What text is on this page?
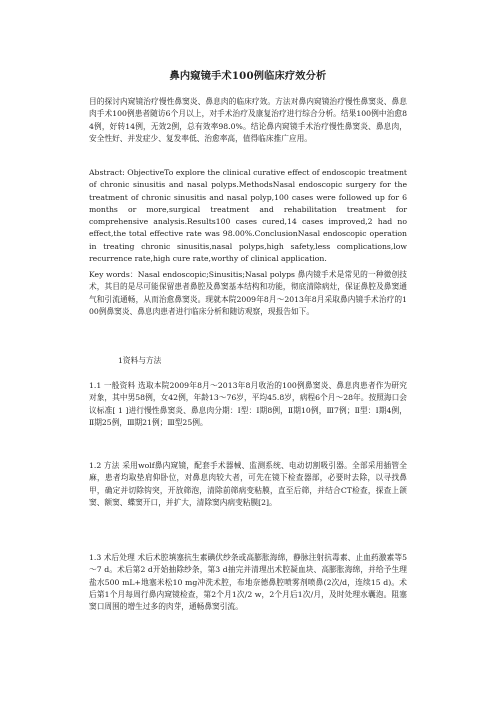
鼻内窥镜手术100例临床疗效分析
目的探讨内窥镜治疗慢性鼻窦炎、鼻息肉的临床疗效。方法对鼻内窥镜治疗慢性鼻窦炎、鼻息肉手术100例患者随访6个月以上，对手术治疗及康复治疗进行综合分析。结果100例中治愈84例，好转14例，无效2例，总有效率98.0%。结论鼻内窥镜手术治疗慢性鼻窦炎、鼻息肉，安全性好、并发症少、复发率低、治愈率高，值得临床推广应用。
Abstract: ObjectiveTo explore the clinical curative effect of endoscopic treatment of chronic sinusitis and nasal polyps.MethodsNasal endoscopic surgery for the treatment of chronic sinusitis and nasal polyp,100 cases were followed up for 6 months or more,surgical treatment and rehabilitation treatment for comprehensive analysis.Results100 cases cured,14 cases improved,2 had no effect,the total effective rate was 98.00%.ConclusionNasal endoscopic operation in treating chronic sinusitis,nasal polyps,high safety,less complications,low recurrence rate,high cure rate,worthy of clinical application.
Key words：Nasal endoscopic;Sinusitis;Nasal polyps 鼻内镜手术是常见的一种微创技术，其目的是尽可能保留患者鼻腔及鼻窦基本结构和功能，彻底清除病灶，保证鼻腔及鼻窦通气和引流通畅，从而治愈鼻窦炎。现就本院2009年8月～2013年8月采取鼻内镜手术治疗的100例鼻窦炎、鼻息肉患者进行临床分析和随访观察，现报告如下。
1资料与方法
1.1 一般资料 选取本院2009年8月～2013年8月收治的100例鼻窦炎、鼻息肉患者作为研究对象，其中男58例，女42例，年龄13～76岁，平均45.8岁，病程6个月～28年。按照海口会议标准[ 1 ]进行慢性鼻窦炎、鼻息肉分期：Ⅰ型：Ⅰ期8例，Ⅱ期10例，Ⅲ7例；Ⅱ型：Ⅰ期4例，Ⅱ期25例，Ⅲ期21例；Ⅲ型25例。
1.2 方法 采用wolf鼻内窥镜，配套手术器械、监测系统、电动切割吸引器。全部采用插管全麻，患者均取垫肩仰卧位，对鼻息肉较大者，可先在镜下检查器部，必要时去除，以寻找鼻甲，确定并切除钩突，开放筛泡，清除前筛病变粘膜，直至后筛，并结合CT检查，探查上颌窦、额窦、蝶窦开口，并扩大，清除窦内病变粘膜[2]。
1.3 术后处理 术后术腔填塞抗生素碘伏纱条或高膨胀海绵，静脉注射抗毒素、止血药激素等5～7 d。术后第2 d开始抽除纱条，第3 d抽完并清理出术腔凝血块、高膨胀海绵，并给予生理盐水500 mL+地塞米松10 mg冲洗术腔，布地奈德鼻腔喷雾剂喷鼻(2次/d，连续15 d)。术后第1个月每周行鼻内窥镜检查，第2个月1次/2 w，2个月后1次/月，及时处理水囊泡。阻塞窦口周围的增生过多的肉芽，通畅鼻窦引流。
